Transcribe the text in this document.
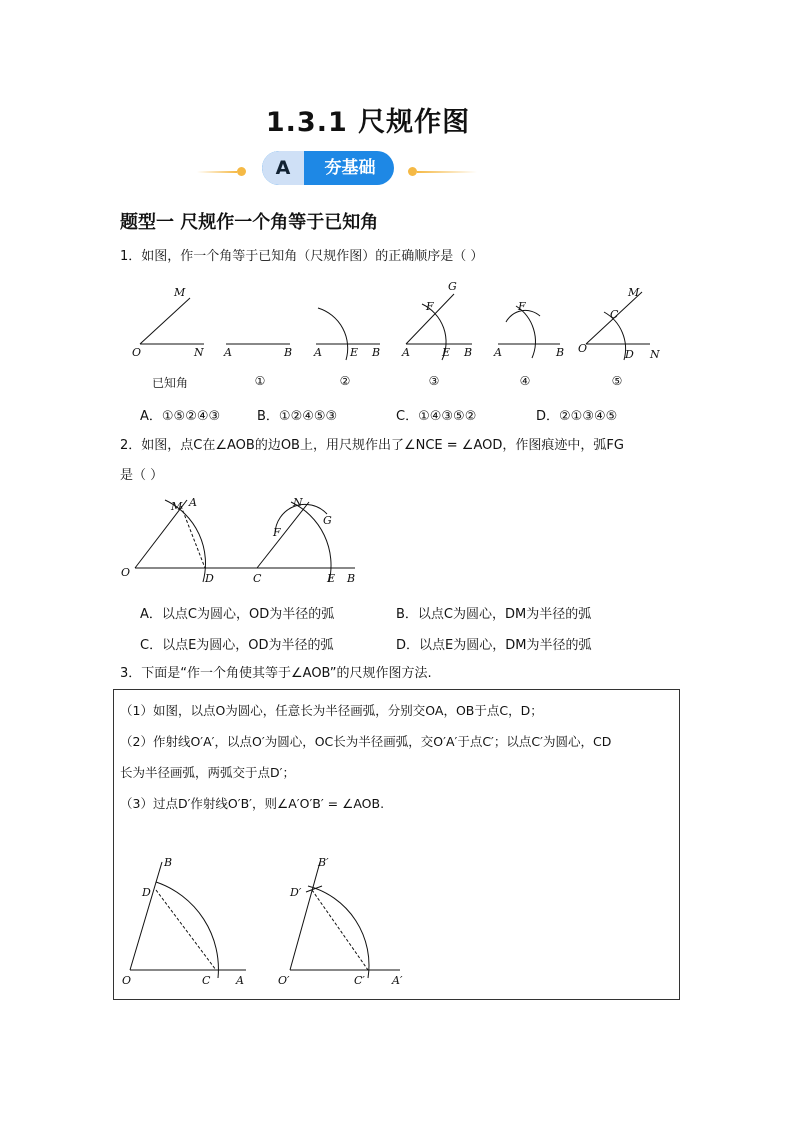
1.3.1 尺规作图
A	夯基础
题型一 尺规作一个角等于已知角
1．如图，作一个角等于已知角（尺规作图）的正确顺序是（ ）
M
O	N A	B A	E B
G
F
A	E B
F
A	B
M
C
O	D N
已知角	①	②	③	④	⑤
A．①⑤②④③	B．①②④⑤③	C．①④③⑤②	D．②①③④⑤
2．如图，点C在∠AOB的边OB上，用尺规作出了∠NCE = ∠AOD，作图痕迹中，弧FG
是（ ）
M A	N
G
F
O	D	C	E B
A．以点C为圆心，OD为半径的弧	B．以点C为圆心，DM为半径的弧
C．以点E为圆心，OD为半径的弧	D．以点E为圆心，DM为半径的弧
3．下面是“作一个角使其等于∠AOB”的尺规作图方法.
（1）如图，以点O为圆心，任意长为半径画弧，分别交OA，OB于点C，D；
（2）作射线O′A′，以点O′为圆心，OC长为半径画弧，交O′A′于点C′；以点C′为圆心，CD
长为半径画弧，两弧交于点D′；
（3）过点D′作射线O′B′，则∠A′O′B′ = ∠AOB.
B
D
O	C A
B′
D′
O′	C′ A′
